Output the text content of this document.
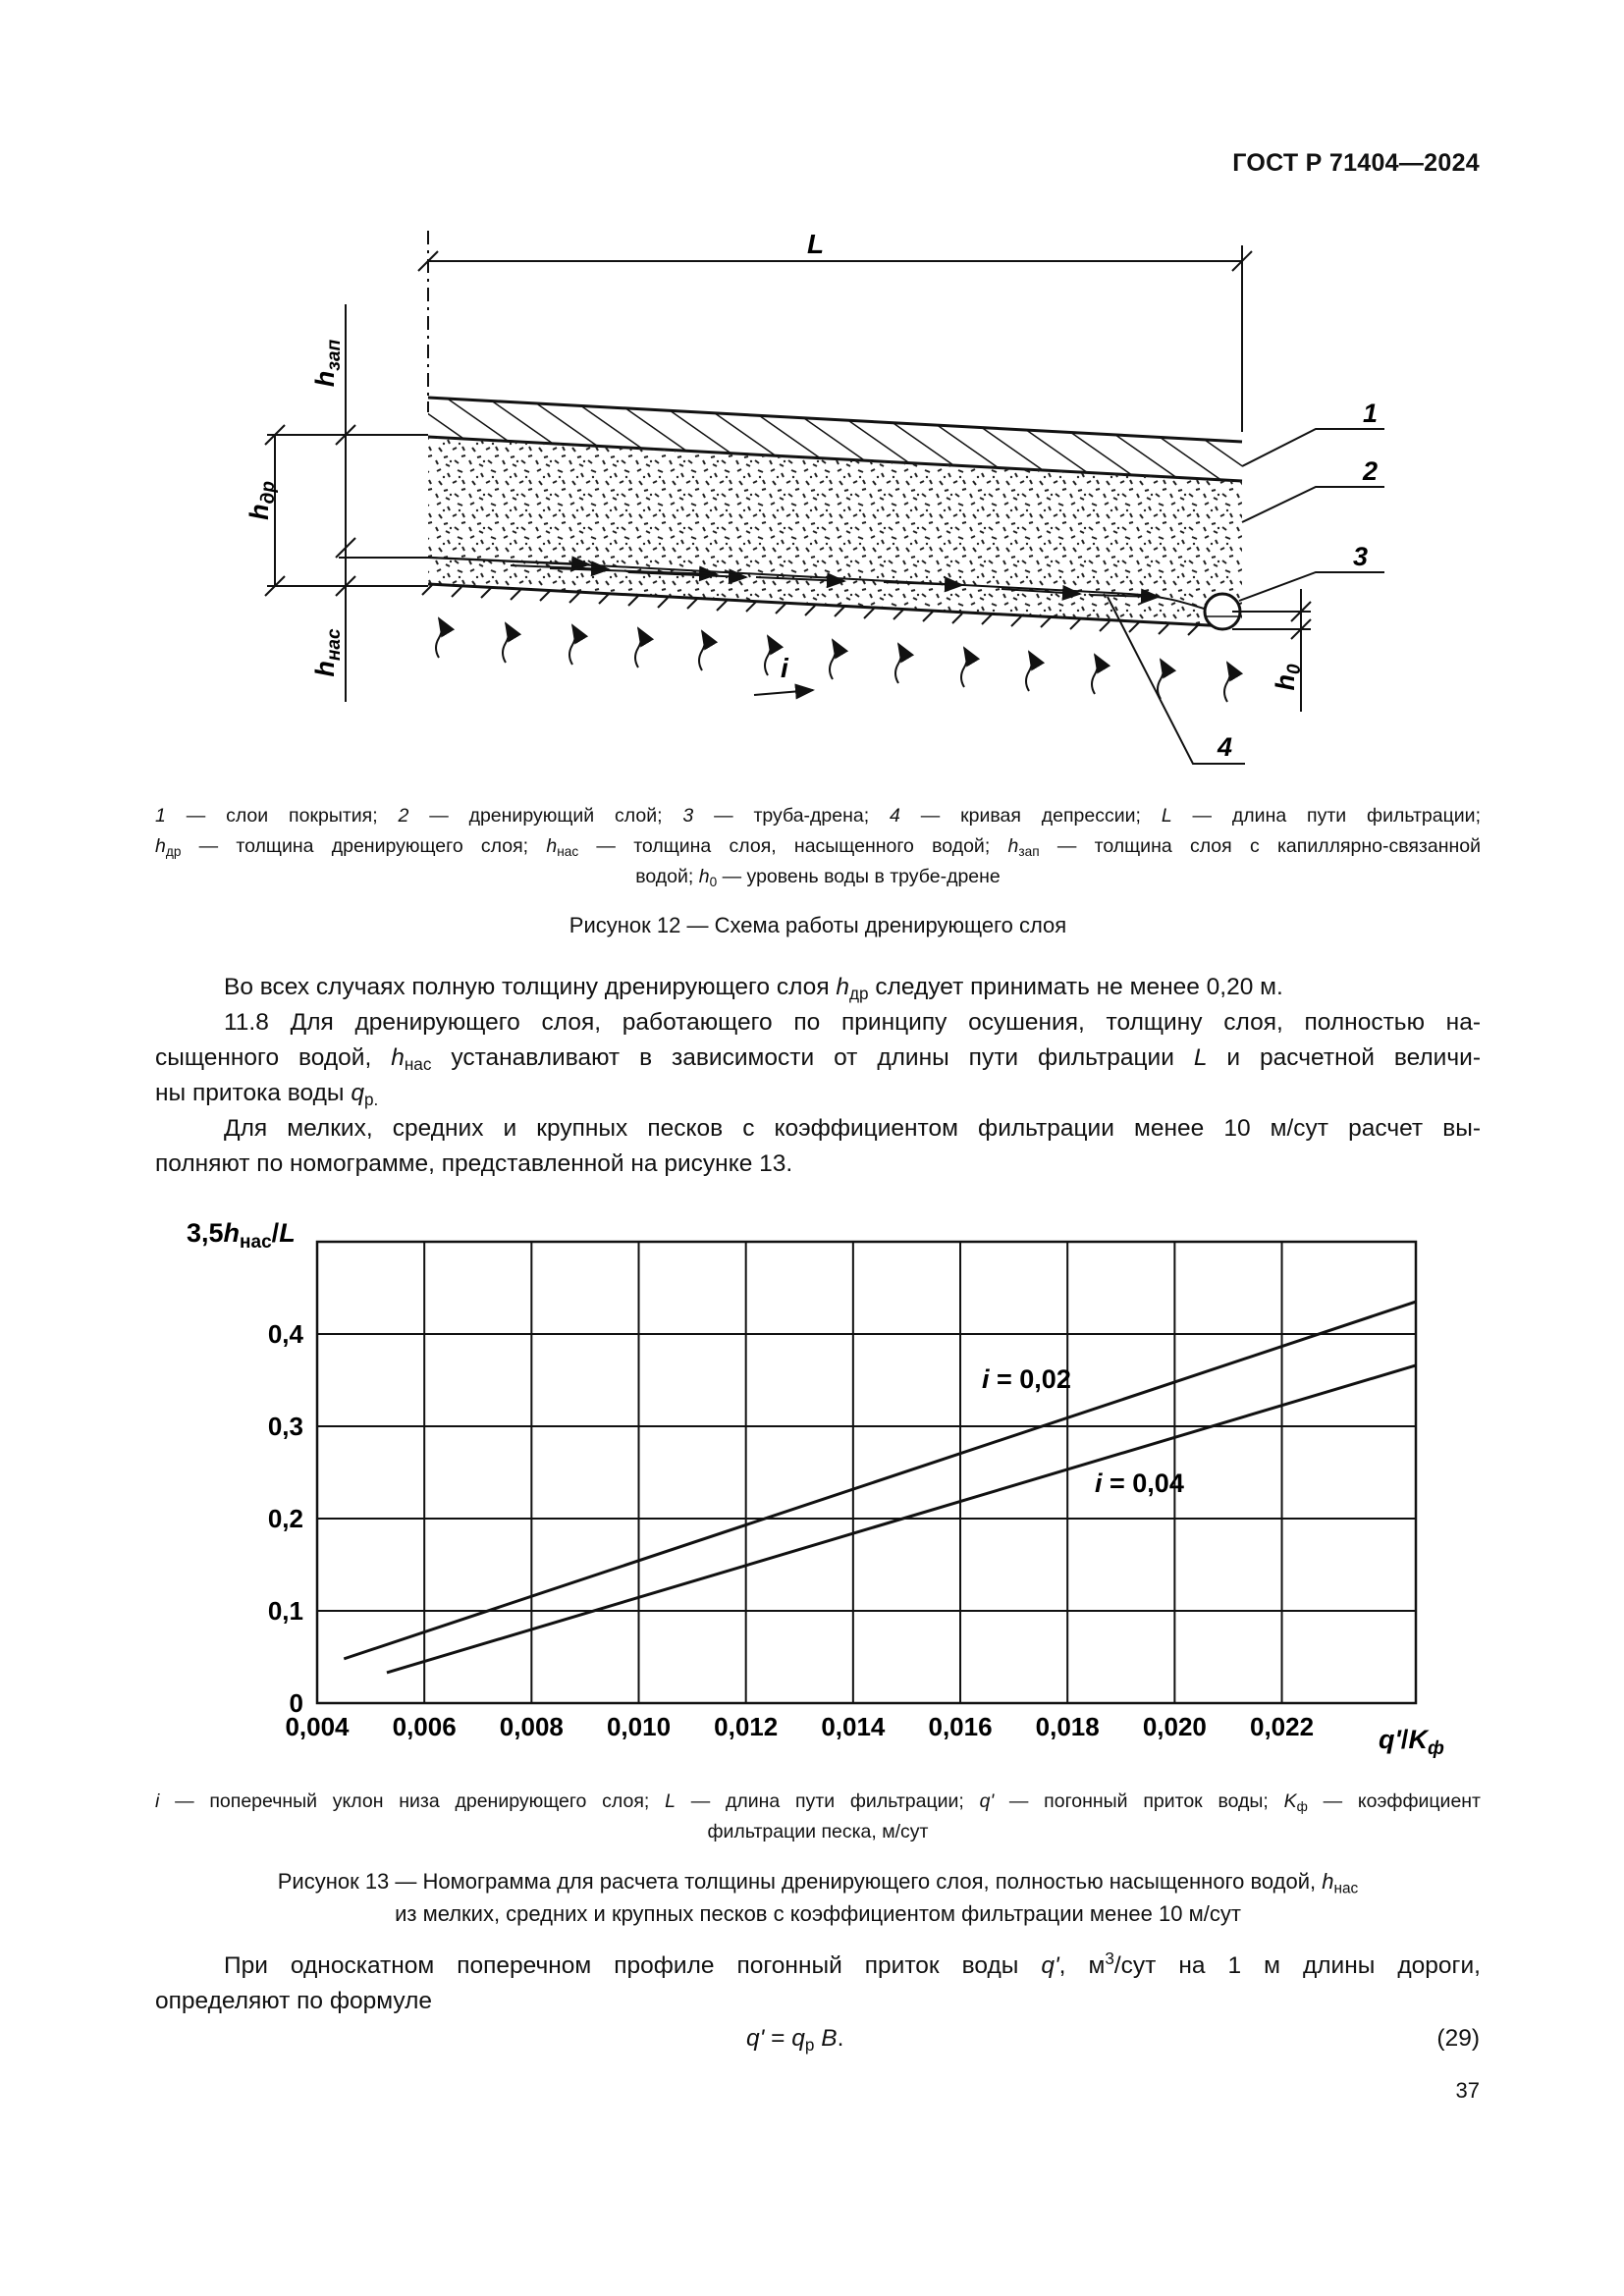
ГОСТ Р 71404—2024
L
i
$h_{др}$
$h_{зап}$
$h_{нас}$
$h_0$
1
2
3
4

1 — слои покрытия; 2 — дренирующий слой; 3 — труба-дрена; 4 — кривая депрессии; L — длина пути фильтрации;

$h_{др}$ — толщина дренирующего слоя; $h_{нас}$ — толщина слоя, насыщенного водой; $h_{зап}$ — толщина слоя с капиллярно-связанной

водой; $h_0$ — уровень воды в трубе-дрене

Рисунок 12 — Схема работы дренирующего слоя

Во всех случаях полную толщину дренирующего слоя $h_{др}$ следует принимать не менее 0,20 м.

11.8 Для дренирующего слоя, работающего по принципу осушения, толщину слоя, полностью на-

сыщенного водой, $h_{нас}$ устанавливают в зависимости от длины пути фильтрации L и расчетной величи-

ны притока воды $q_{р.}$

Для мелких, средних и крупных песков с коэффициентом фильтрации менее 10 м/сут расчет вы-

полняют по номограмме, представленной на рисунке 13.

$3,5h_{нас}/L$
$q'/K_ф$
0,004 0,006 0,008 0,010 0,012 0,014 0,016 0,018 0,020 0,022
0
0,1
0,2
0,3
0,4
i = 0,02
i = 0,04

i — поперечный уклон низа дренирующего слоя; L — длина пути фильтрации; q' — погонный приток воды; $K_ф$ — коэффициент

фильтрации песка, м/сут

Рисунок 13 — Номограмма для расчета толщины дренирующего слоя, полностью насыщенного водой, $h_{нас}$
из мелких, средних и крупных песков с коэффициентом фильтрации менее 10 м/сут

При односкатном поперечном профиле погонный приток воды q', $м^3$/сут на 1 м длины дороги,

определяют по формуле

$q' = q_р$ B.	(29)
37
